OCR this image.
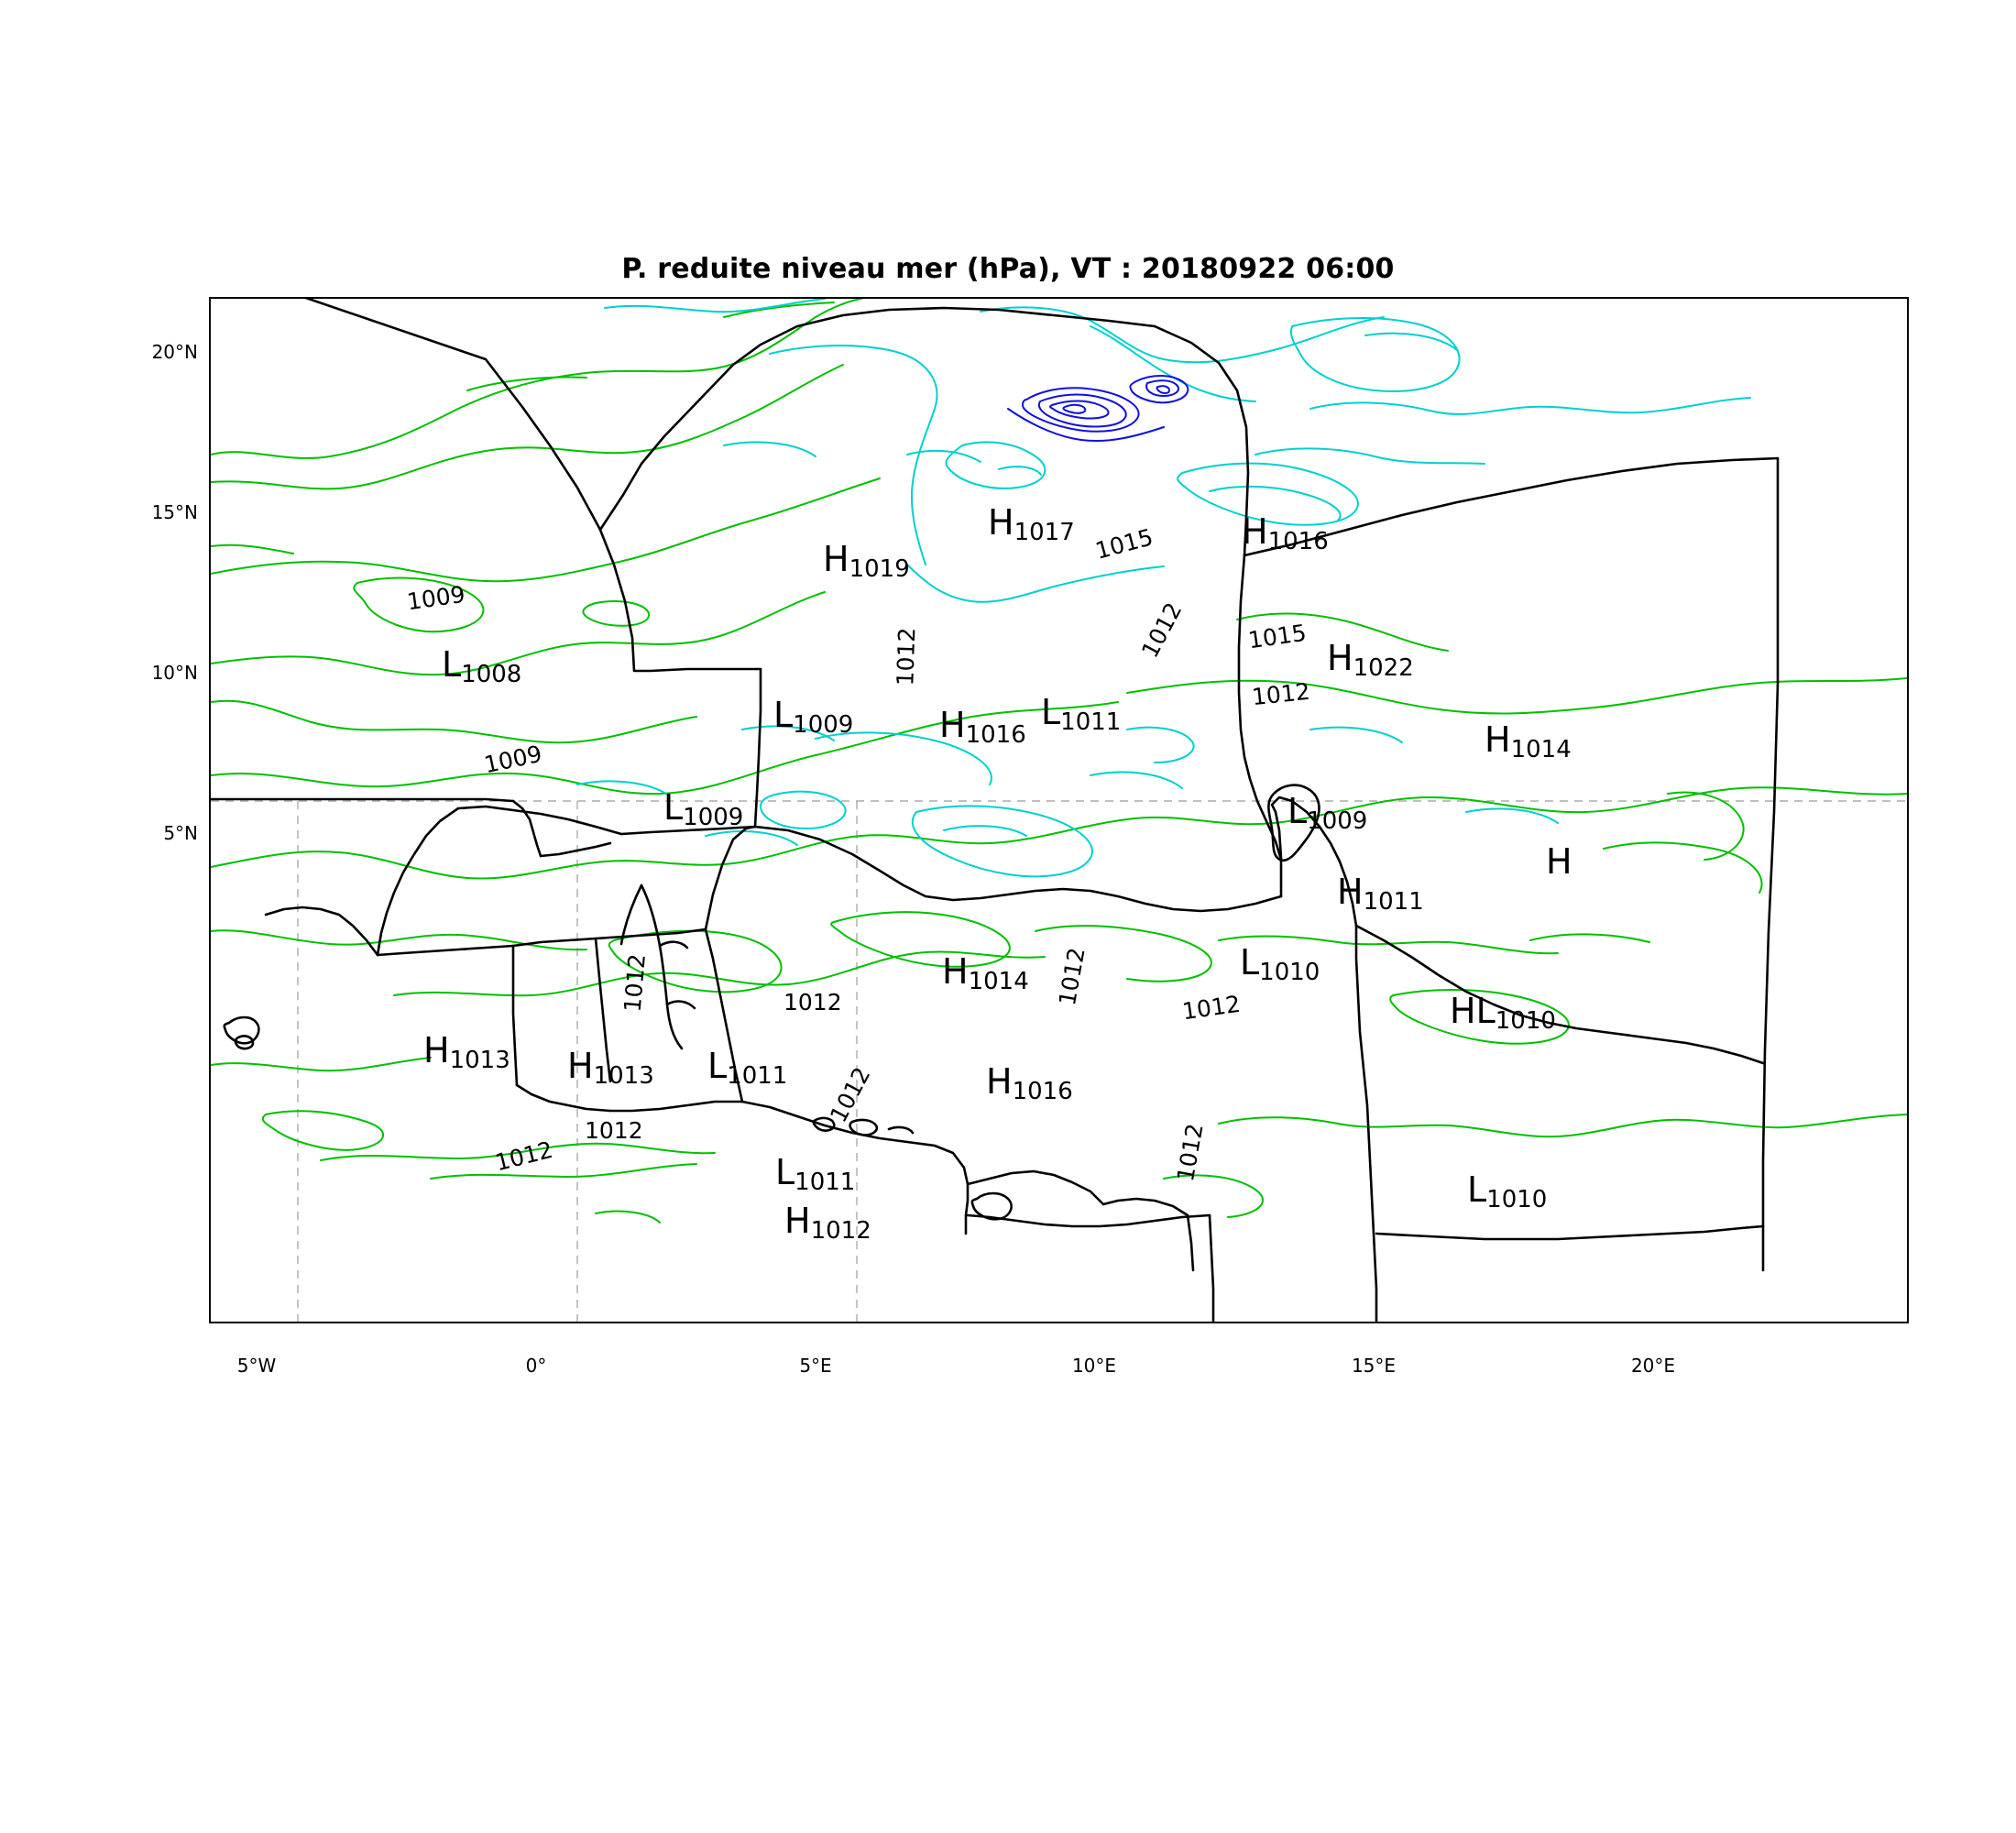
P. reduite niveau mer (hPa), VT : 20180922 06:00
20°N
15°N
10°N
5°N
5°W	0°	5°E	10°E	15°E	20°E
1009
1009
1012
1015
1012	1015
1012
1012	1012	1012
1012
1012
1012
1012
1012
H1017
H1019
H1016
L1008	H1022
L1009 H1016
L1011	H1014
L1009	L1009
H
H1011
L1010
H1014
HL1010
H1013 H1013 L1011	H1016
L1011	L1010
H1012
